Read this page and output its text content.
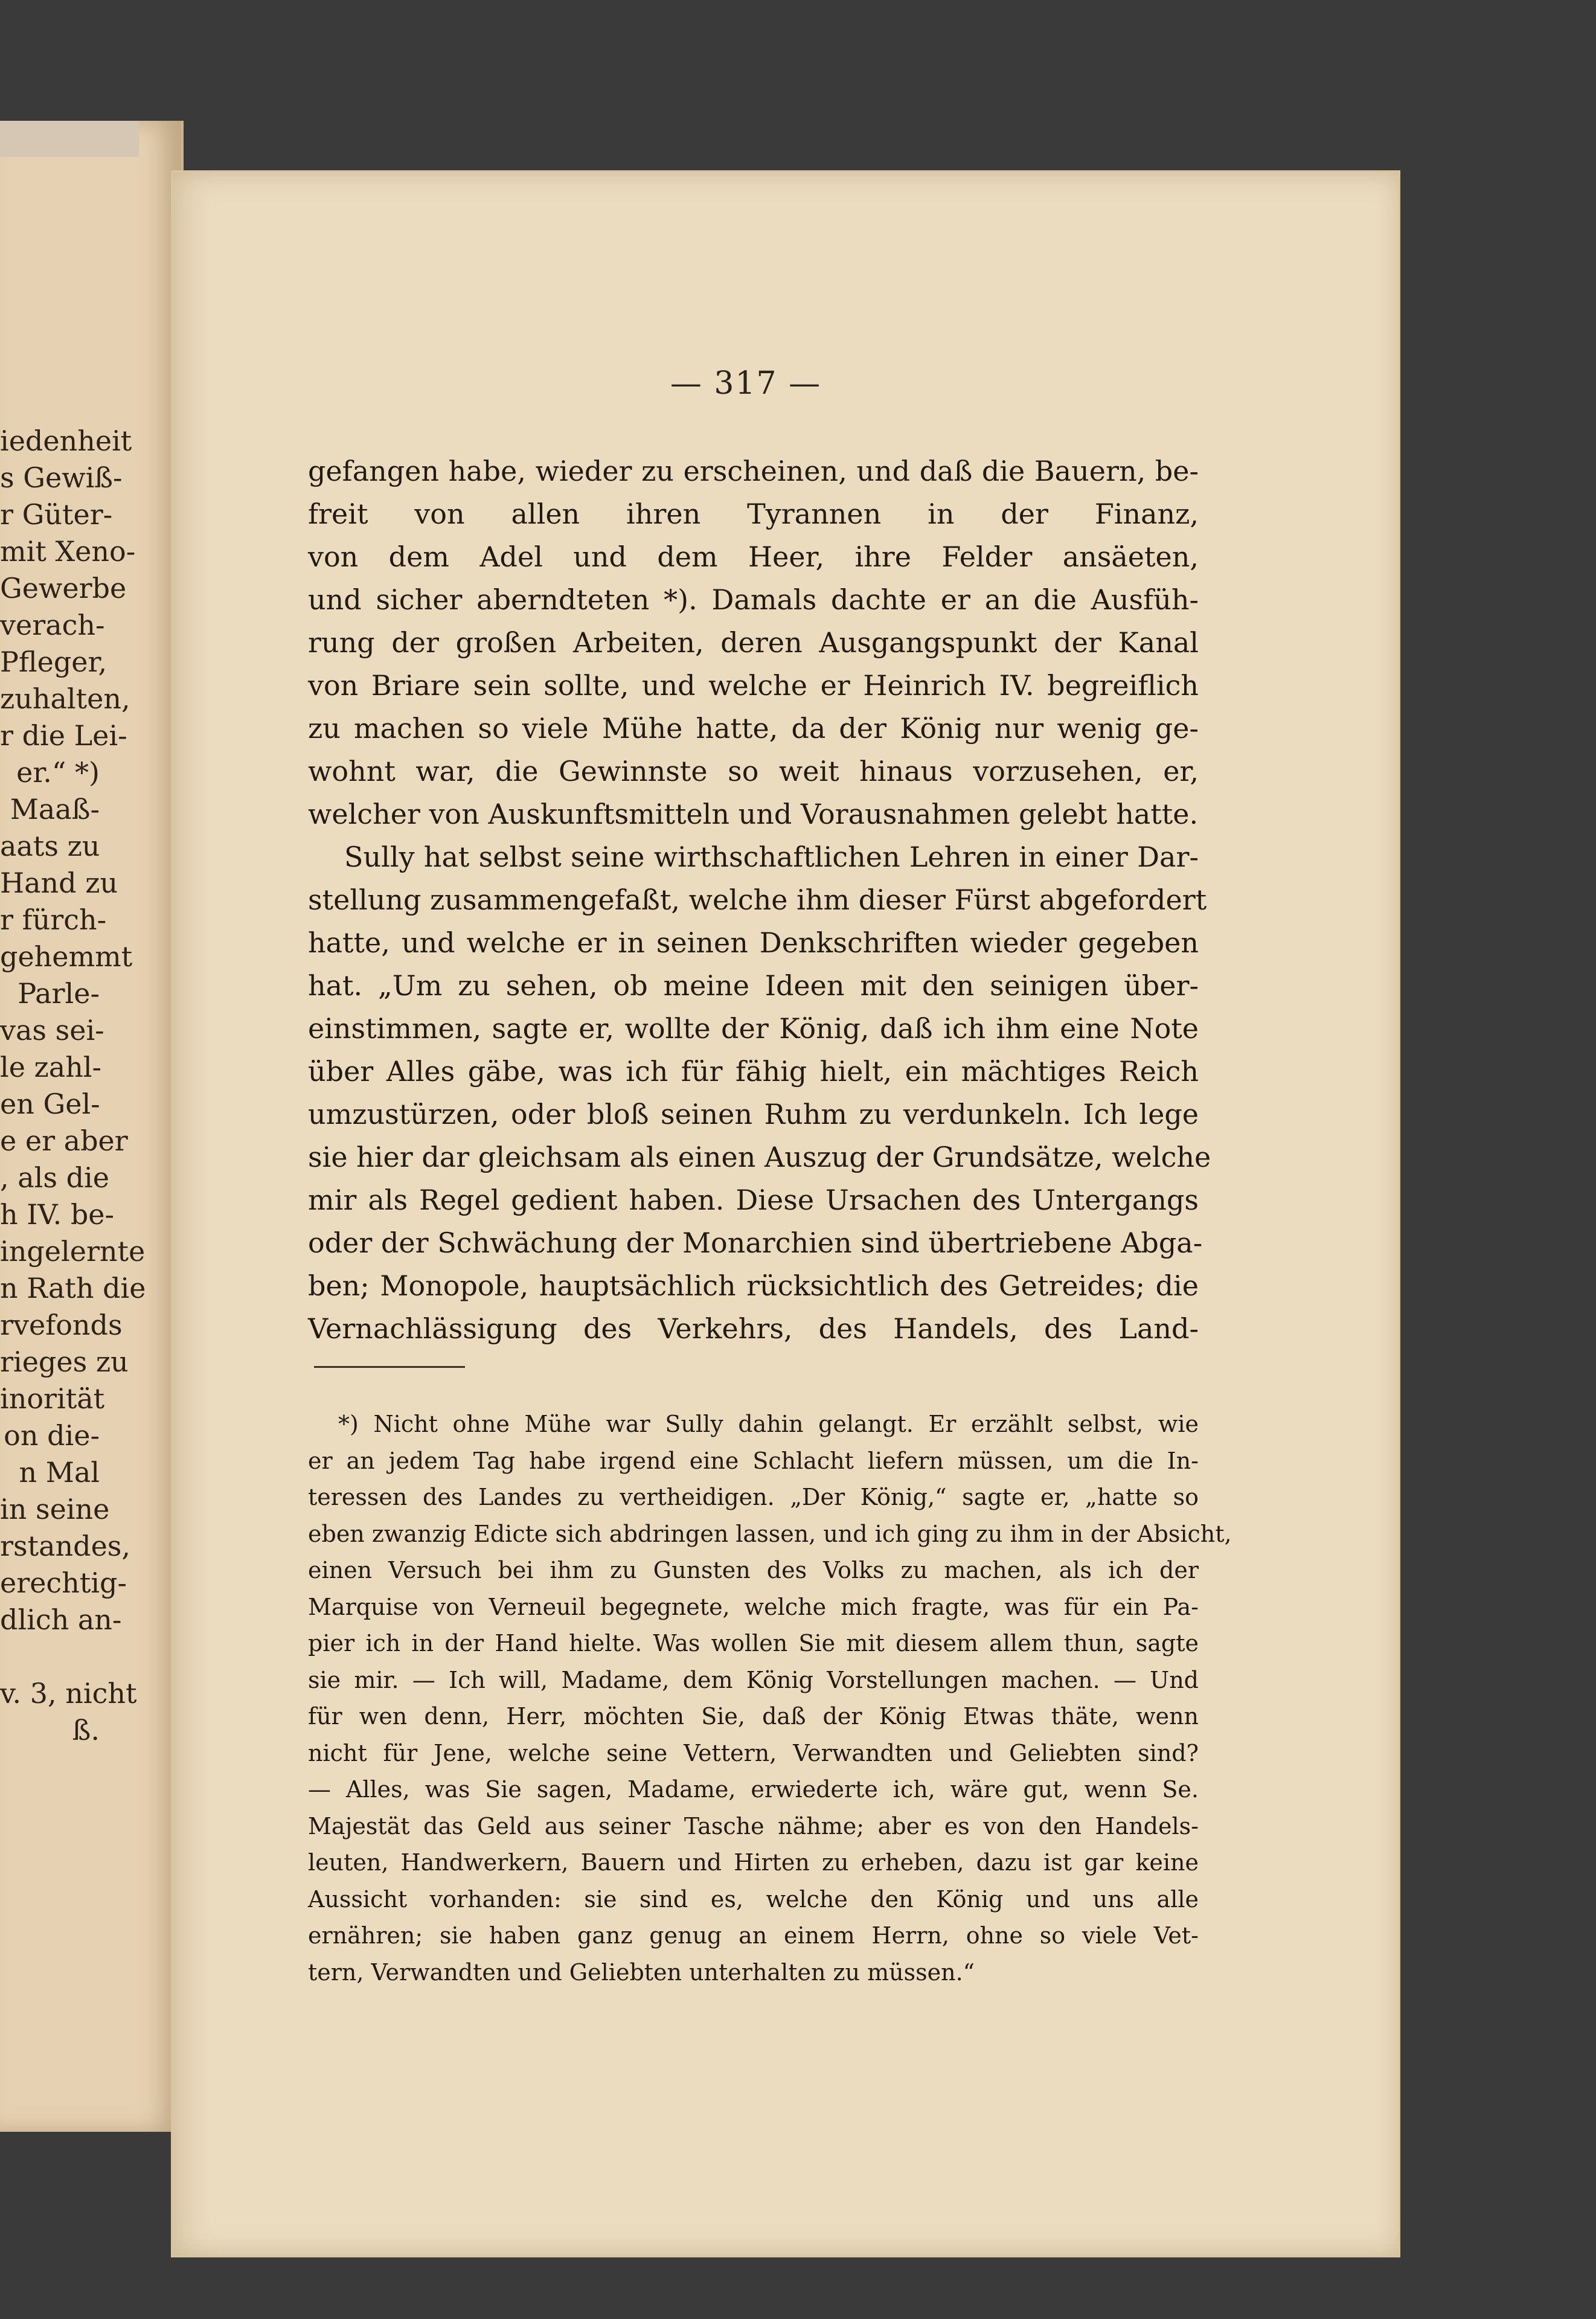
iedenheit
s Gewiß-
r Güter-
mit Xeno-
Gewerbe
verach-
Pfleger,
zuhalten,
r die Lei-
er.“ *)
Maaß-
aats zu
Hand zu
r fürch-
gehemmt
Parle-
vas sei-
le zahl-
en Gel-
e er aber
, als die
h IV. be-
ingelernte
n Rath die
rvefonds
rieges zu
inorität
on die-
n Mal
in seine
rstandes,
erechtig-
dlich an-
v. 3, nicht
ß.
— 317 —
gefangen habe, wieder zu erscheinen, und daß die Bauern, be-
freit von allen ihren Tyrannen in der Finanz,
von dem Adel und dem Heer, ihre Felder ansäeten,
und sicher aberndteten *). Damals dachte er an die Ausfüh-
rung der großen Arbeiten, deren Ausgangspunkt der Kanal
von Briare sein sollte, und welche er Heinrich IV. begreiflich
zu machen so viele Mühe hatte, da der König nur wenig ge-
wohnt war, die Gewinnste so weit hinaus vorzusehen, er,
welcher von Auskunftsmitteln und Vorausnahmen gelebt hatte.
Sully hat selbst seine wirthschaftlichen Lehren in einer Dar-
stellung zusammengefaßt, welche ihm dieser Fürst abgefordert
hatte, und welche er in seinen Denkschriften wieder gegeben
hat. „Um zu sehen, ob meine Ideen mit den seinigen über-
einstimmen, sagte er, wollte der König, daß ich ihm eine Note
über Alles gäbe, was ich für fähig hielt, ein mächtiges Reich
umzustürzen, oder bloß seinen Ruhm zu verdunkeln. Ich lege
sie hier dar gleichsam als einen Auszug der Grundsätze, welche
mir als Regel gedient haben. Diese Ursachen des Untergangs
oder der Schwächung der Monarchien sind übertriebene Abga-
ben; Monopole, hauptsächlich rücksichtlich des Getreides; die
Vernachlässigung des Verkehrs, des Handels, des Land-
*) Nicht ohne Mühe war Sully dahin gelangt. Er erzählt selbst, wie
er an jedem Tag habe irgend eine Schlacht liefern müssen, um die In-
teressen des Landes zu vertheidigen. „Der König,“ sagte er, „hatte so
eben zwanzig Edicte sich abdringen lassen, und ich ging zu ihm in der Absicht,
einen Versuch bei ihm zu Gunsten des Volks zu machen, als ich der
Marquise von Verneuil begegnete, welche mich fragte, was für ein Pa-
pier ich in der Hand hielte. Was wollen Sie mit diesem allem thun, sagte
sie mir. — Ich will, Madame, dem König Vorstellungen machen. — Und
für wen denn, Herr, möchten Sie, daß der König Etwas thäte, wenn
nicht für Jene, welche seine Vettern, Verwandten und Geliebten sind?
— Alles, was Sie sagen, Madame, erwiederte ich, wäre gut, wenn Se.
Majestät das Geld aus seiner Tasche nähme; aber es von den Handels-
leuten, Handwerkern, Bauern und Hirten zu erheben, dazu ist gar keine
Aussicht vorhanden: sie sind es, welche den König und uns alle
ernähren; sie haben ganz genug an einem Herrn, ohne so viele Vet-
tern, Verwandten und Geliebten unterhalten zu müssen.“
